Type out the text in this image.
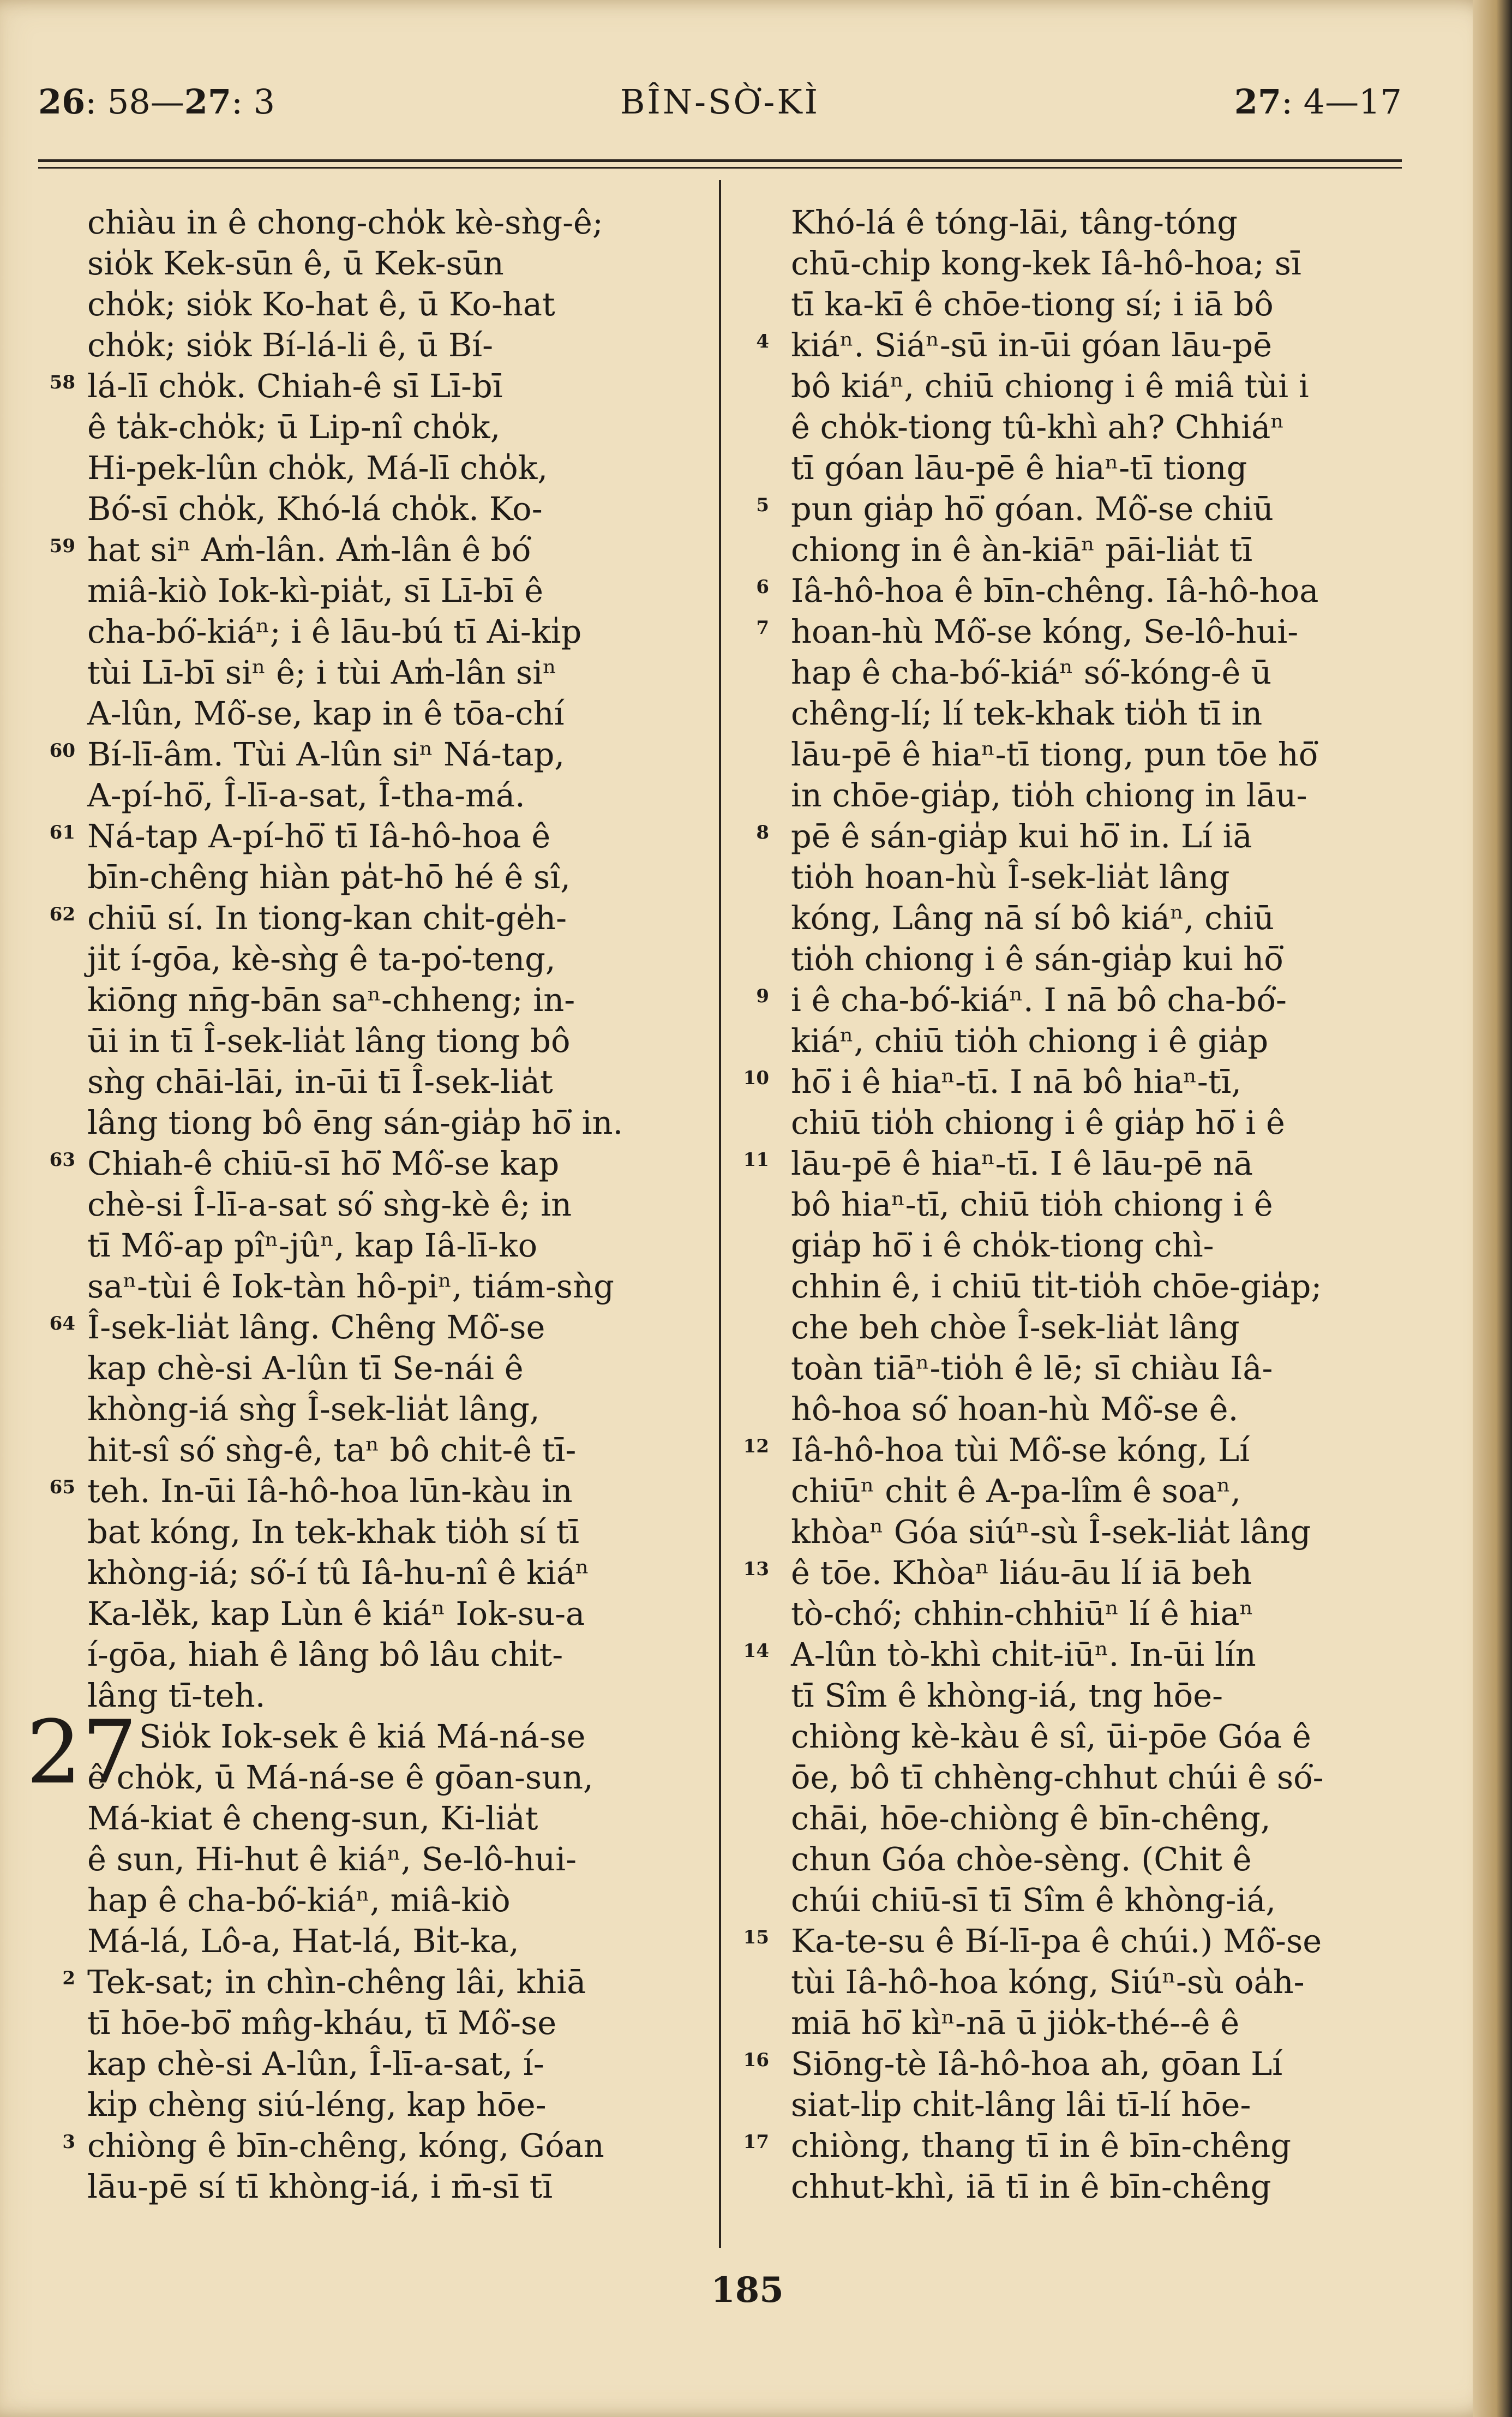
26: 58—27: 3	BÎN-SÒ͘-KÌ	27: 4—17
chiàu in ê chong-cho̍k kè-sǹg-ê;
sio̍k Kek-sūn ê, ū Kek-sūn
cho̍k; sio̍k Ko-hat ê, ū Ko-hat
cho̍k; sio̍k Bí-lá-li ê, ū Bí-
58 lá-lī cho̍k. Chiah-ê sī Lī-bī
ê ta̍k-cho̍k; ū Lip-nî cho̍k,
Hi-pek-lûn cho̍k, Má-lī cho̍k,
Bó͘-sī cho̍k, Khó-lá cho̍k. Ko-
59 hat siⁿ Am̍-lân. Am̍-lân ê bó͘
miâ-kiò Iok-kì-pia̍t, sī Lī-bī ê
cha-bó͘-kiáⁿ; i ê lāu-bú tī Ai-ki̍p
tùi Lī-bī siⁿ ê; i tùi Am̍-lân siⁿ
A-lûn, Mô͘-se, kap in ê tōa-chí
60 Bí-lī-âm. Tùi A-lûn siⁿ Ná-tap,
A-pí-hō͘, Î-lī-a-sat, Î-tha-má.
61 Ná-tap A-pí-hō͘ tī Iâ-hô-hoa ê
bīn-chêng hiàn pa̍t-hō hé ê sî,
62 chiū sí. In tiong-kan chi̍t-ge̍h-
ji̍t í-gōa, kè-sǹg ê ta-po͘-teng,
kiōng nn̄g-bān saⁿ-chheng; in-
ūi in tī Î-sek-lia̍t lâng tiong bô
sǹg chāi-lāi, in-ūi tī Î-sek-lia̍t
lâng tiong bô ēng sán-gia̍p hō͘ in.
63 Chiah-ê chiū-sī hō͘ Mô͘-se kap
chè-si Î-lī-a-sat só͘ sǹg-kè ê; in
tī Mô͘-ap pîⁿ-jûⁿ, kap Iâ-lī-ko
saⁿ-tùi ê Iok-tàn hô-piⁿ, tiám-sǹg
64 Î-sek-lia̍t lâng. Chêng Mô͘-se
kap chè-si A-lûn tī Se-nái ê
khòng-iá sǹg Î-sek-lia̍t lâng,
hit-sî só͘ sǹg-ê, taⁿ bô chi̍t-ê tī-
65 teh. In-ūi Iâ-hô-hoa lūn-kàu in
bat kóng, In tek-khak tio̍h sí tī
khòng-iá; só͘-í tû Iâ-hu-nî ê kiáⁿ
Ka-lè̍k, kap Lùn ê kiáⁿ Iok-su-a
í-gōa, hiah ê lâng bô lâu chi̍t-
lâng tī-teh.
27 Sio̍k Iok-sek ê kiá Má-ná-se
ê cho̍k, ū Má-ná-se ê gōan-sun,
Má-kiat ê cheng-sun, Ki-lia̍t
ê sun, Hi-hut ê kiáⁿ, Se-lô-hui-
hap ê cha-bó͘-kiáⁿ, miâ-kiò
Má-lá, Lô-a, Hat-lá, Bi̍t-ka,
2 Tek-sat; in chìn-chêng lâi, khiā
tī hōe-bō͘ mn̂g-kháu, tī Mô͘-se
kap chè-si A-lûn, Î-lī-a-sat, í-
ki̍p chèng siú-léng, kap hōe-
3 chiòng ê bīn-chêng, kóng, Góan
lāu-pē sí tī khòng-iá, i m̄-sī tī
Khó-lá ê tóng-lāi, tâng-tóng
chū-chi̍p kong-kek Iâ-hô-hoa; sī
tī ka-kī ê chōe-tiong sí; i iā bô
4 kiáⁿ. Siáⁿ-sū in-ūi góan lāu-pē
bô kiáⁿ, chiū chiong i ê miâ tùi i
ê cho̍k-tiong tû-khì ah? Chhiáⁿ
tī góan lāu-pē ê hiaⁿ-tī tiong
5 pun gia̍p hō͘ góan. Mô͘-se chiū
chiong in ê àn-kiāⁿ pāi-lia̍t tī
6 Iâ-hô-hoa ê bīn-chêng. Iâ-hô-hoa
7 hoan-hù Mô͘-se kóng, Se-lô-hui-
hap ê cha-bó͘-kiáⁿ só͘-kóng-ê ū
chêng-lí; lí tek-khak tio̍h tī in
lāu-pē ê hiaⁿ-tī tiong, pun tōe hō͘
in chōe-gia̍p, tio̍h chiong in lāu-
8 pē ê sán-gia̍p kui hō͘ in. Lí iā
tio̍h hoan-hù Î-sek-lia̍t lâng
kóng, Lâng nā sí bô kiáⁿ, chiū
tio̍h chiong i ê sán-gia̍p kui hō͘
9 i ê cha-bó͘-kiáⁿ. I nā bô cha-bó͘-
kiáⁿ, chiū tio̍h chiong i ê gia̍p
10 hō͘ i ê hiaⁿ-tī. I nā bô hiaⁿ-tī,
chiū tio̍h chiong i ê gia̍p hō͘ i ê
11 lāu-pē ê hiaⁿ-tī. I ê lāu-pē nā
bô hiaⁿ-tī, chiū tio̍h chiong i ê
gia̍p hō͘ i ê cho̍k-tiong chì-
chhin ê, i chiū ti̍t-tio̍h chōe-gia̍p;
che beh chòe Î-sek-lia̍t lâng
toàn tiāⁿ-tio̍h ê lē; sī chiàu Iâ-
hô-hoa só͘ hoan-hù Mô͘-se ê.
12 Iâ-hô-hoa tùi Mô͘-se kóng, Lí
chiūⁿ chi̍t ê A-pa-lîm ê soaⁿ,
khòaⁿ Góa siúⁿ-sù Î-sek-lia̍t lâng
13 ê tōe. Khòaⁿ liáu-āu lí iā beh
tò-chó͘; chhin-chhiūⁿ lí ê hiaⁿ
14 A-lûn tò-khì chi̍t-iūⁿ. In-ūi lín
tī Sîm ê khòng-iá, tng hōe-
chiòng kè-kàu ê sî, ūi-pōe Góa ê
ōe, bô tī chhèng-chhut chúi ê só͘-
chāi, hōe-chiòng ê bīn-chêng,
chun Góa chòe-sèng. (Chit ê
chúi chiū-sī tī Sîm ê khòng-iá,
15 Ka-te-su ê Bí-lī-pa ê chúi.) Mô͘-se
tùi Iâ-hô-hoa kóng, Siúⁿ-sù oa̍h-
miā hō͘ kìⁿ-nā ū jio̍k-thé--ê ê
16 Siōng-tè Iâ-hô-hoa ah, gōan Lí
siat-li̍p chi̍t-lâng lâi tī-lí hōe-
17 chiòng, thang tī in ê bīn-chêng
chhut-khì, iā tī in ê bīn-chêng
185
